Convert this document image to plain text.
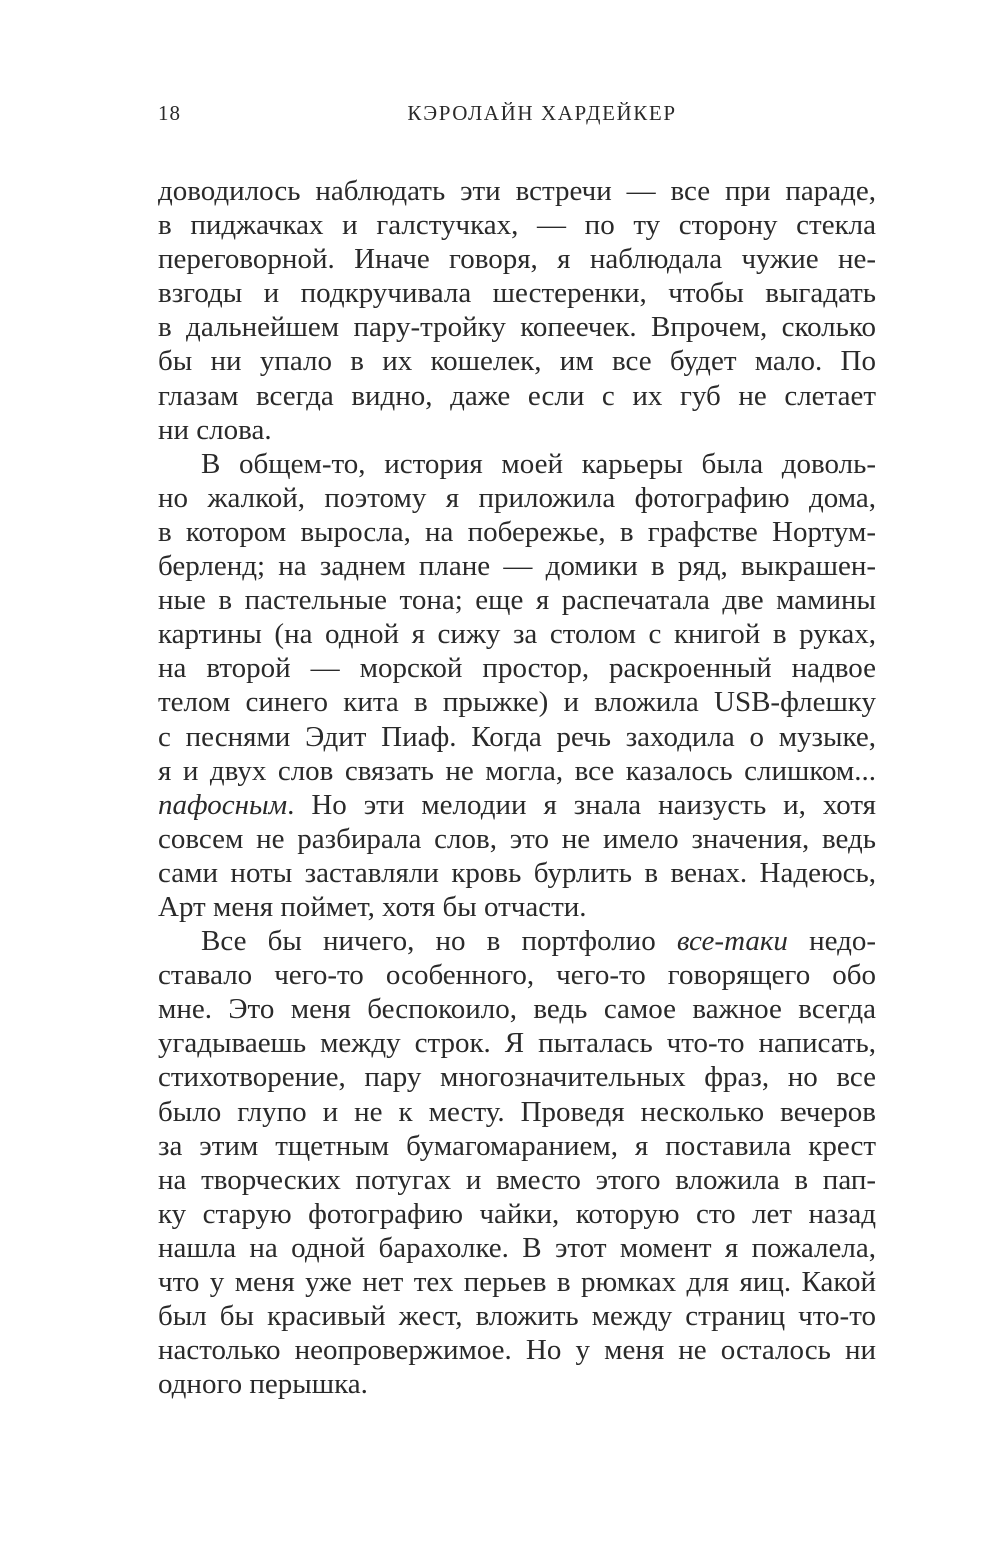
18	КЭРОЛАЙН ХАРДЕЙКЕР
доводилось наблюдать эти встречи — все при параде,
в пиджачках и галстучках, — по ту сторону стекла
переговорной. Иначе говоря, я наблюдала чужие не-
взгоды и подкручивала шестеренки, чтобы выгадать
в дальнейшем пару-тройку копеечек. Впрочем, сколько
бы ни упало в их кошелек, им все будет мало. По
глазам всегда видно, даже если с их губ не слетает
ни слова.
В общем-то, история моей карьеры была доволь-
но жалкой, поэтому я приложила фотографию дома,
в котором выросла, на побережье, в графстве Нортум-
берленд; на заднем плане — домики в ряд, выкрашен-
ные в пастельные тона; еще я распечатала две мамины
картины (на одной я сижу за столом с книгой в руках,
на второй — морской простор, раскроенный надвое
телом синего кита в прыжке) и вложила USB-флешку
с песнями Эдит Пиаф. Когда речь заходила о музыке,
я и двух слов связать не могла, все казалось слишком...
пафосным. Но эти мелодии я знала наизусть и, хотя
совсем не разбирала слов, это не имело значения, ведь
сами ноты заставляли кровь бурлить в венах. Надеюсь,
Арт меня поймет, хотя бы отчасти.
Все бы ничего, но в портфолио все-таки недо-
ставало чего-то особенного, чего-то говорящего обо
мне. Это меня беспокоило, ведь самое важное всегда
угадываешь между строк. Я пыталась что-то написать,
стихотворение, пару многозначительных фраз, но все
было глупо и не к месту. Проведя несколько вечеров
за этим тщетным бумагомаранием, я поставила крест
на творческих потугах и вместо этого вложила в пап-
ку старую фотографию чайки, которую сто лет назад
нашла на одной барахолке. В этот момент я пожалела,
что у меня уже нет тех перьев в рюмках для яиц. Какой
был бы красивый жест, вложить между страниц что-то
настолько неопровержимое. Но у меня не осталось ни
одного перышка.
